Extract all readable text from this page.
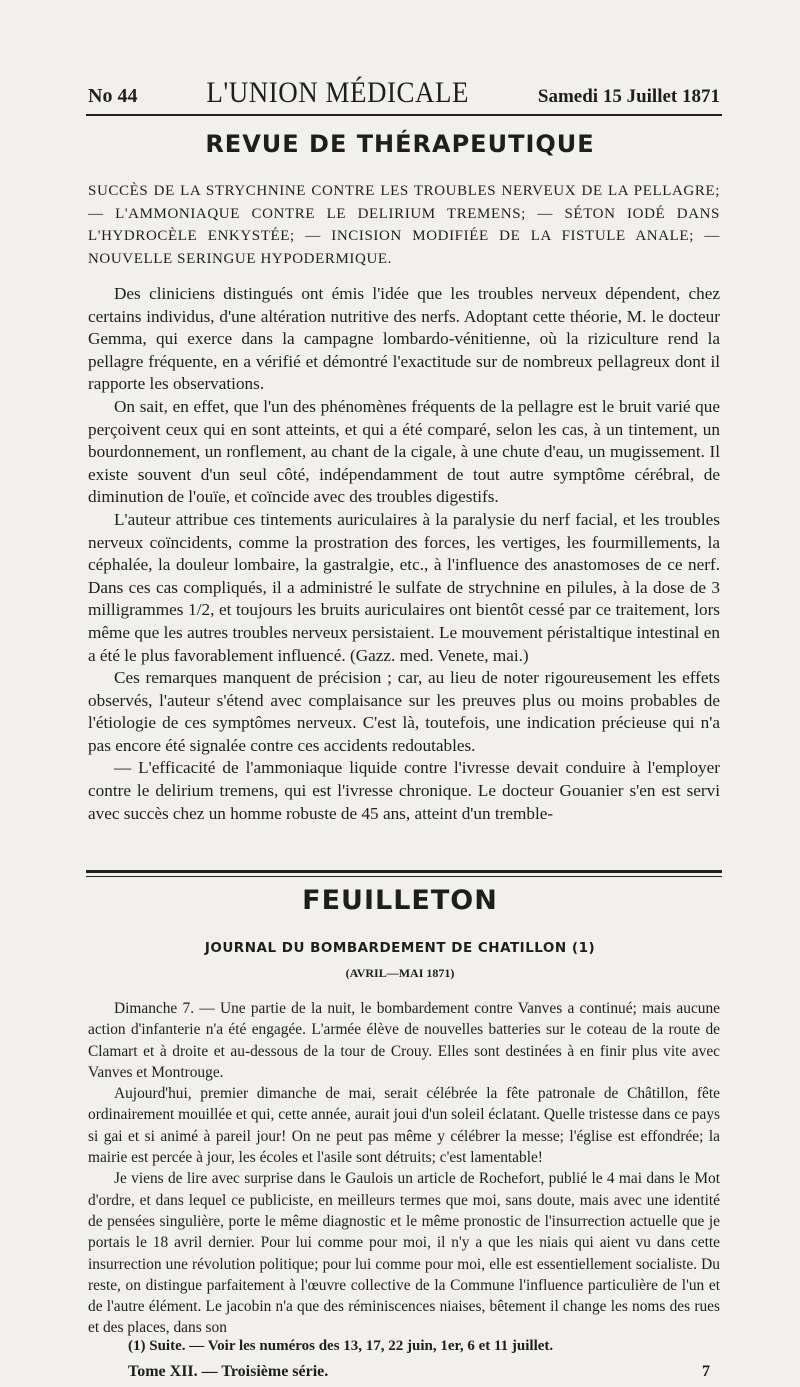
No 44	L'UNION MÉDICALE	Samedi 15 Juillet 1871
REVUE DE THÉRAPEUTIQUE
SUCCÈS DE LA STRYCHNINE CONTRE LES TROUBLES NERVEUX DE LA PELLAGRE; — L'AMMONIAQUE CONTRE LE DELIRIUM TREMENS; — SÉTON IODÉ DANS L'HYDROCÈLE ENKYSTÉE; — INCISION MODIFIÉE DE LA FISTULE ANALE; — NOUVELLE SERINGUE HYPODERMIQUE.

Des cliniciens distingués ont émis l'idée que les troubles nerveux dépendent, chez certains individus, d'une altération nutritive des nerfs. Adoptant cette théorie, M. le docteur Gemma, qui exerce dans la campagne lombardo-vénitienne, où la riziculture rend la pellagre fréquente, en a vérifié et démontré l'exactitude sur de nombreux pellagreux dont il rapporte les observations.

On sait, en effet, que l'un des phénomènes fréquents de la pellagre est le bruit varié que perçoivent ceux qui en sont atteints, et qui a été comparé, selon les cas, à un tintement, un bourdonnement, un ronflement, au chant de la cigale, à une chute d'eau, un mugissement. Il existe souvent d'un seul côté, indépendamment de tout autre symptôme cérébral, de diminution de l'ouïe, et coïncide avec des troubles digestifs.

L'auteur attribue ces tintements auriculaires à la paralysie du nerf facial, et les troubles nerveux coïncidents, comme la prostration des forces, les vertiges, les fourmillements, la céphalée, la douleur lombaire, la gastralgie, etc., à l'influence des anastomoses de ce nerf. Dans ces cas compliqués, il a administré le sulfate de strychnine en pilules, à la dose de 3 milligrammes 1/2, et toujours les bruits auriculaires ont bientôt cessé par ce traitement, lors même que les autres troubles nerveux persistaient. Le mouvement péristaltique intestinal en a été le plus favorablement influencé. (Gazz. med. Venete, mai.)

Ces remarques manquent de précision ; car, au lieu de noter rigoureusement les effets observés, l'auteur s'étend avec complaisance sur les preuves plus ou moins probables de l'étiologie de ces symptômes nerveux. C'est là, toutefois, une indication précieuse qui n'a pas encore été signalée contre ces accidents redoutables.

— L'efficacité de l'ammoniaque liquide contre l'ivresse devait conduire à l'employer contre le delirium tremens, qui est l'ivresse chronique. Le docteur Gouanier s'en est servi avec succès chez un homme robuste de 45 ans, atteint d'un tremble-

FEUILLETON
JOURNAL DU BOMBARDEMENT DE CHATILLON (1)
(AVRIL—MAI 1871)

Dimanche 7. — Une partie de la nuit, le bombardement contre Vanves a continué; mais aucune action d'infanterie n'a été engagée. L'armée élève de nouvelles batteries sur le coteau de la route de Clamart et à droite et au-dessous de la tour de Crouy. Elles sont destinées à en finir plus vite avec Vanves et Montrouge.

Aujourd'hui, premier dimanche de mai, serait célébrée la fête patronale de Châtillon, fête ordinairement mouillée et qui, cette année, aurait joui d'un soleil éclatant. Quelle tristesse dans ce pays si gai et si animé à pareil jour! On ne peut pas même y célébrer la messe; l'église est effondrée; la mairie est percée à jour, les écoles et l'asile sont détruits; c'est lamentable!

Je viens de lire avec surprise dans le Gaulois un article de Rochefort, publié le 4 mai dans le Mot d'ordre, et dans lequel ce publiciste, en meilleurs termes que moi, sans doute, mais avec une identité de pensées singulière, porte le même diagnostic et le même pronostic de l'insurrection actuelle que je portais le 18 avril dernier. Pour lui comme pour moi, il n'y a que les niais qui aient vu dans cette insurrection une révolution politique; pour lui comme pour moi, elle est essentiellement socialiste. Du reste, on distingue parfaitement à l'œuvre collective de la Commune l'influence particulière de l'un et de l'autre élément. Le jacobin n'a que des réminiscences niaises, bêtement il change les noms des rues et des places, dans son

(1) Suite. — Voir les numéros des 13, 17, 22 juin, 1er, 6 et 11 juillet.
Tome XII. — Troisième série.	7
